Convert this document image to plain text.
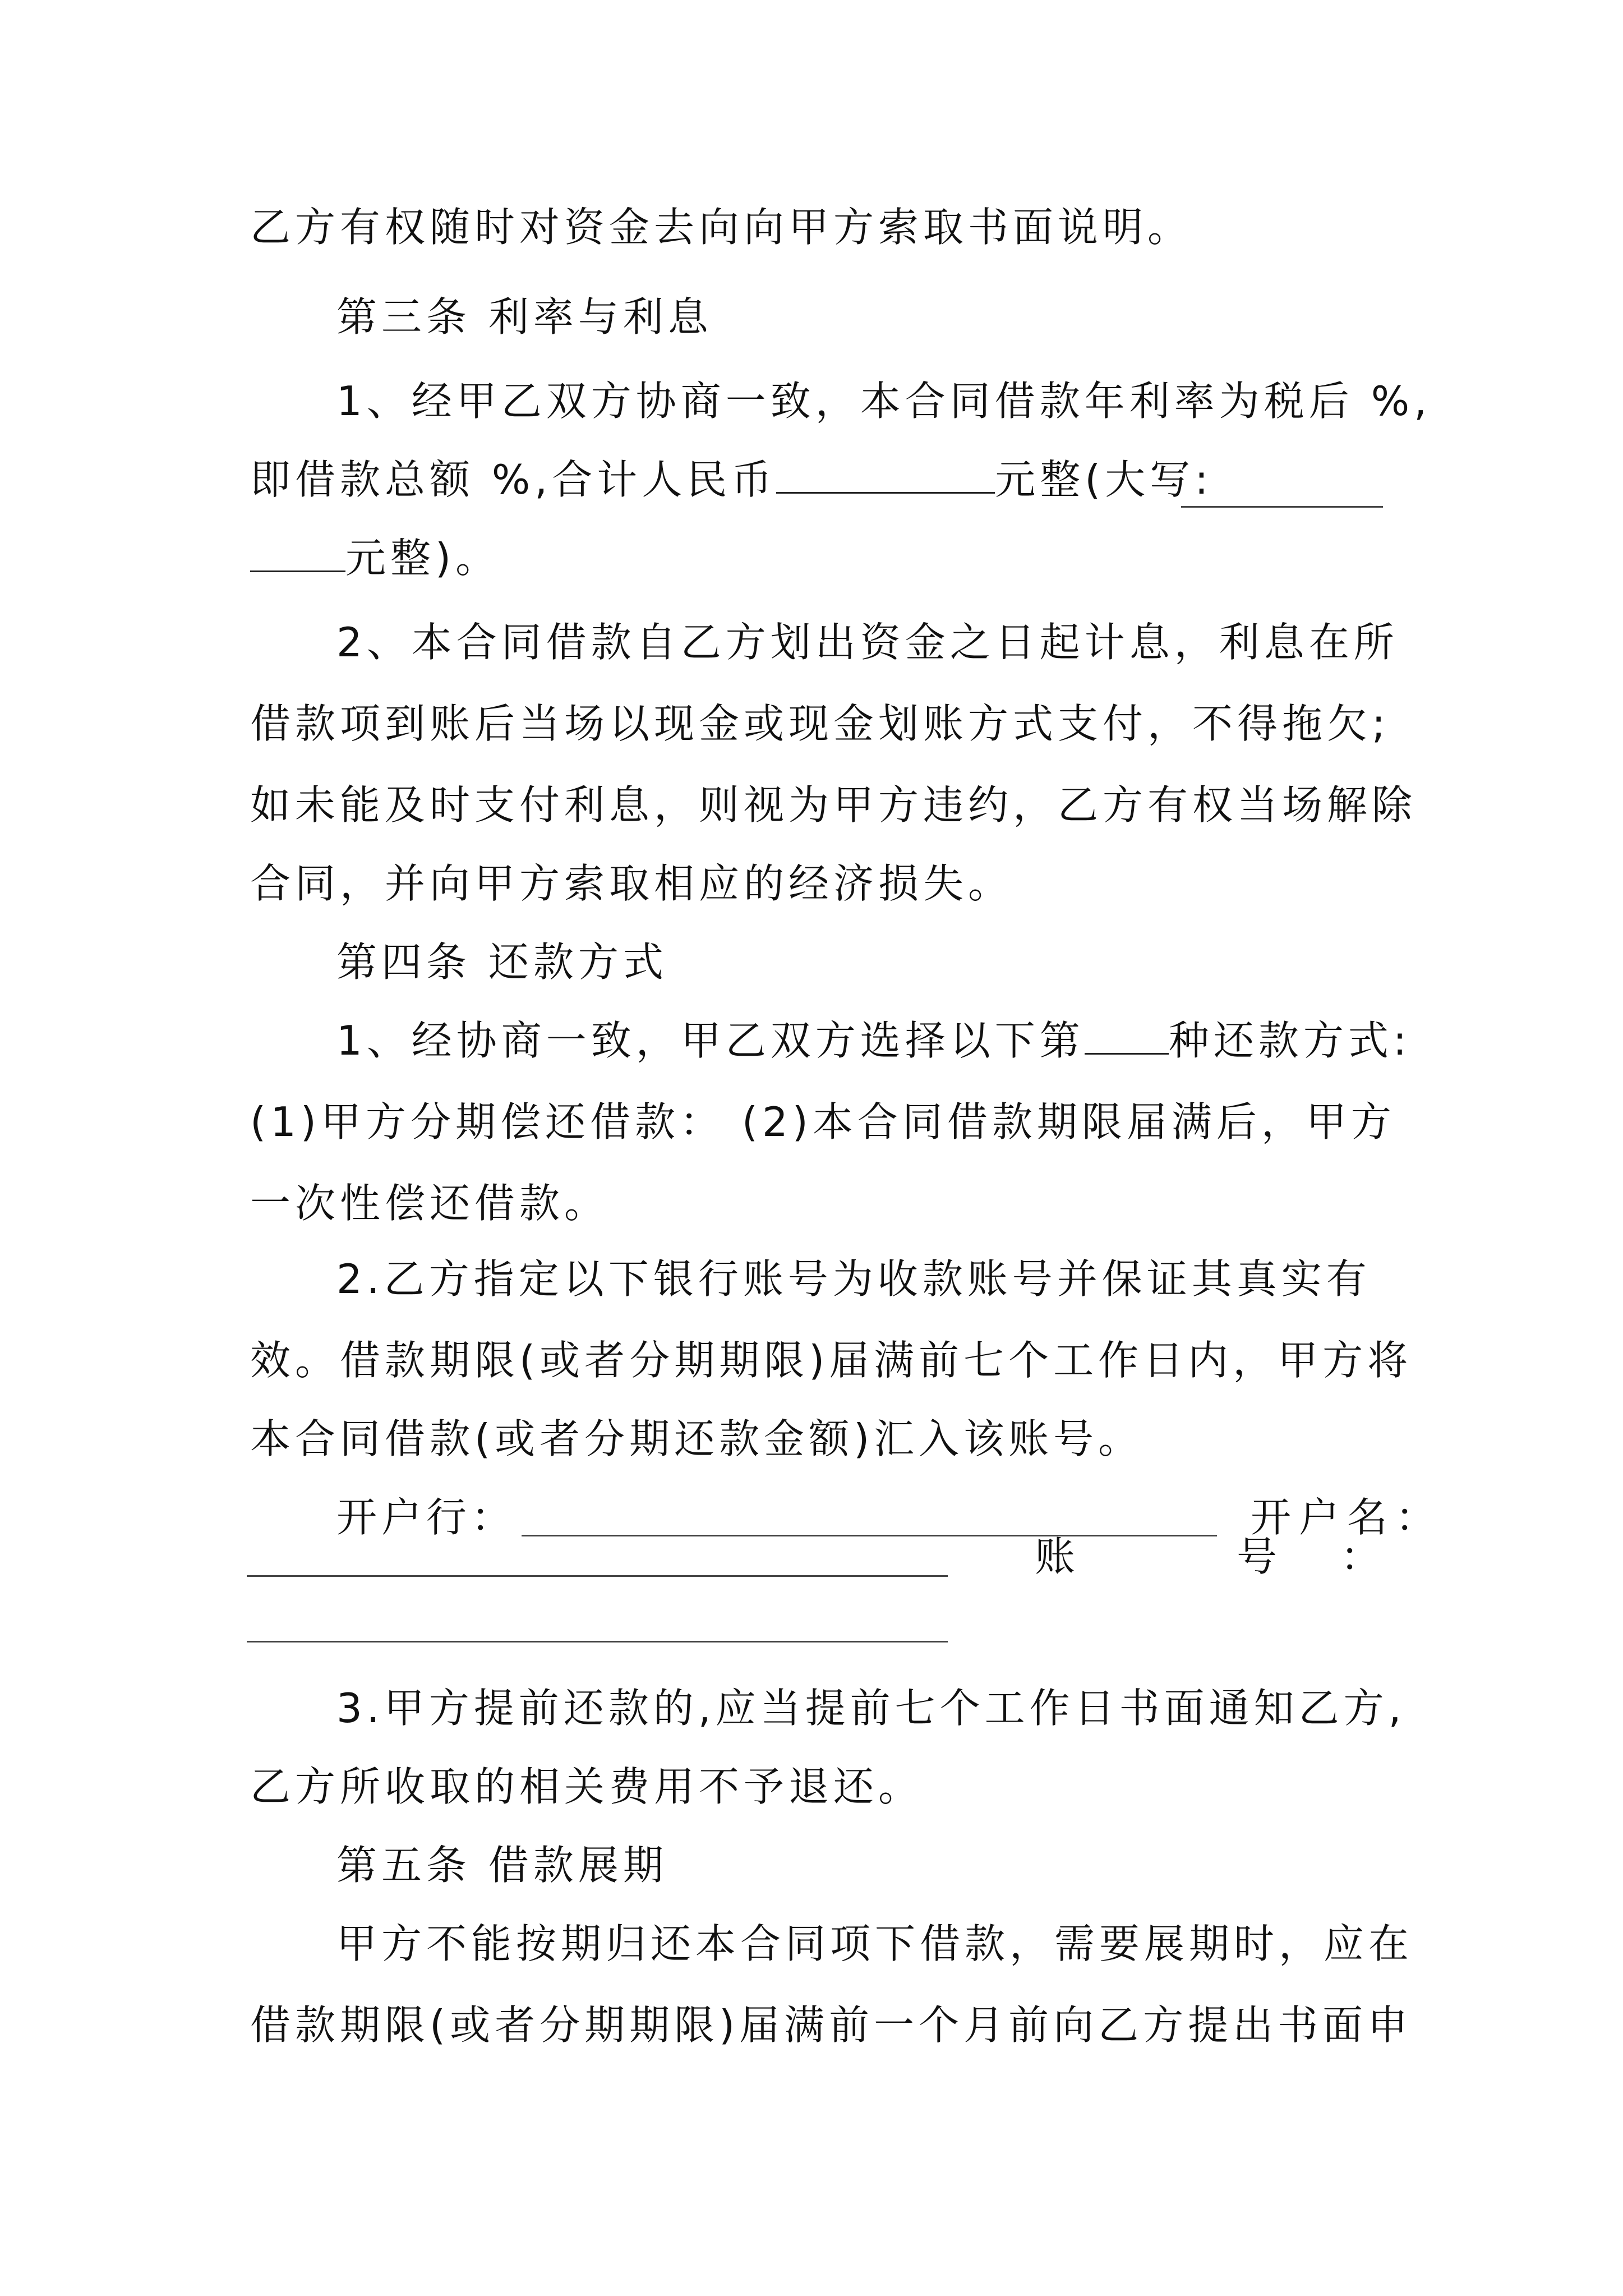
乙方有权随时对资金去向向甲方索取书面说明。
第三条 利率与利息
1、经甲乙双方协商一致，本合同借款年利率为税后 %,
即借款总额 %,合计人民币	元整(大写:
元整)。
2、本合同借款自乙方划出资金之日起计息，利息在所
借款项到账后当场以现金或现金划账方式支付，不得拖欠;
如未能及时支付利息，则视为甲方违约，乙方有权当场解除
合同，并向甲方索取相应的经济损失。
第四条 还款方式
1、经协商一致，甲乙双方选择以下第 种还款方式:
(1)甲方分期偿还借款： (2)本合同借款期限届满后，甲方
一次性偿还借款。
2.乙方指定以下银行账号为收款账号并保证其真实有
效。借款期限(或者分期期限)届满前七个工作日内，甲方将
本合同借款(或者分期还款金额)汇入该账号。
开户行：	开户名：
账	号 ：
3.甲方提前还款的,应当提前七个工作日书面通知乙方,
乙方所收取的相关费用不予退还。
第五条 借款展期
甲方不能按期归还本合同项下借款，需要展期时，应在
借款期限(或者分期期限)届满前一个月前向乙方提出书面申
